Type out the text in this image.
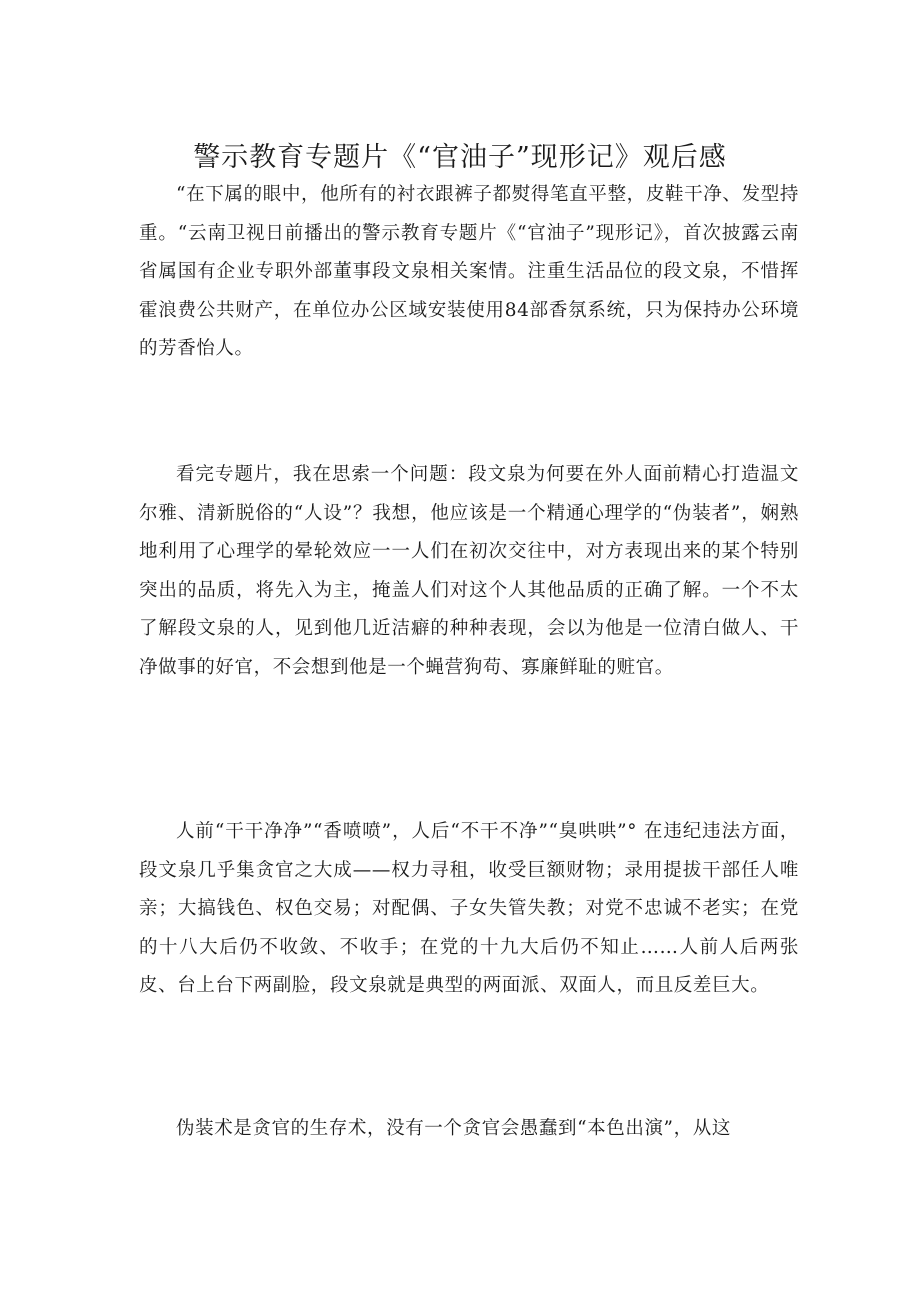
警示教育专题片《“官油子”现形记》观后感

“在下属的眼中，他所有的衬衣跟裤子都熨得笔直平整，皮鞋干净、发型持重。“云南卫视日前播出的警示教育专题片《“官油子”现形记》，首次披露云南省属国有企业专职外部董事段文泉相关案情。注重生活品位的段文泉，不惜挥霍浪费公共财产，在单位办公区域安装使用84部香氛系统，只为保持办公环境的芳香怡人。

看完专题片，我在思索一个问题：段文泉为何要在外人面前精心打造温文尔雅、清新脱俗的“人设”？我想，他应该是一个精通心理学的“伪装者”，娴熟地利用了心理学的晕轮效应一一人们在初次交往中，对方表现出来的某个特别突出的品质，将先入为主，掩盖人们对这个人其他品质的正确了解。一个不太了解段文泉的人，见到他几近洁癖的种种表现，会以为他是一位清白做人、干净做事的好官，不会想到他是一个蝇营狗苟、寡廉鲜耻的赃官。

人前“干干净净”“香喷喷”，人后“不干不净”“臭哄哄”° 在违纪违法方面，段文泉几乎集贪官之大成——权力寻租，收受巨额财物；录用提拔干部任人唯亲；大搞钱色、权色交易；对配偶、子女失管失教；对党不忠诚不老实；在党的十八大后仍不收敛、不收手；在党的十九大后仍不知止……人前人后两张皮、台上台下两副脸，段文泉就是典型的两面派、双面人，而且反差巨大。

伪装术是贪官的生存术，没有一个贪官会愚蠢到“本色出演”，从这
